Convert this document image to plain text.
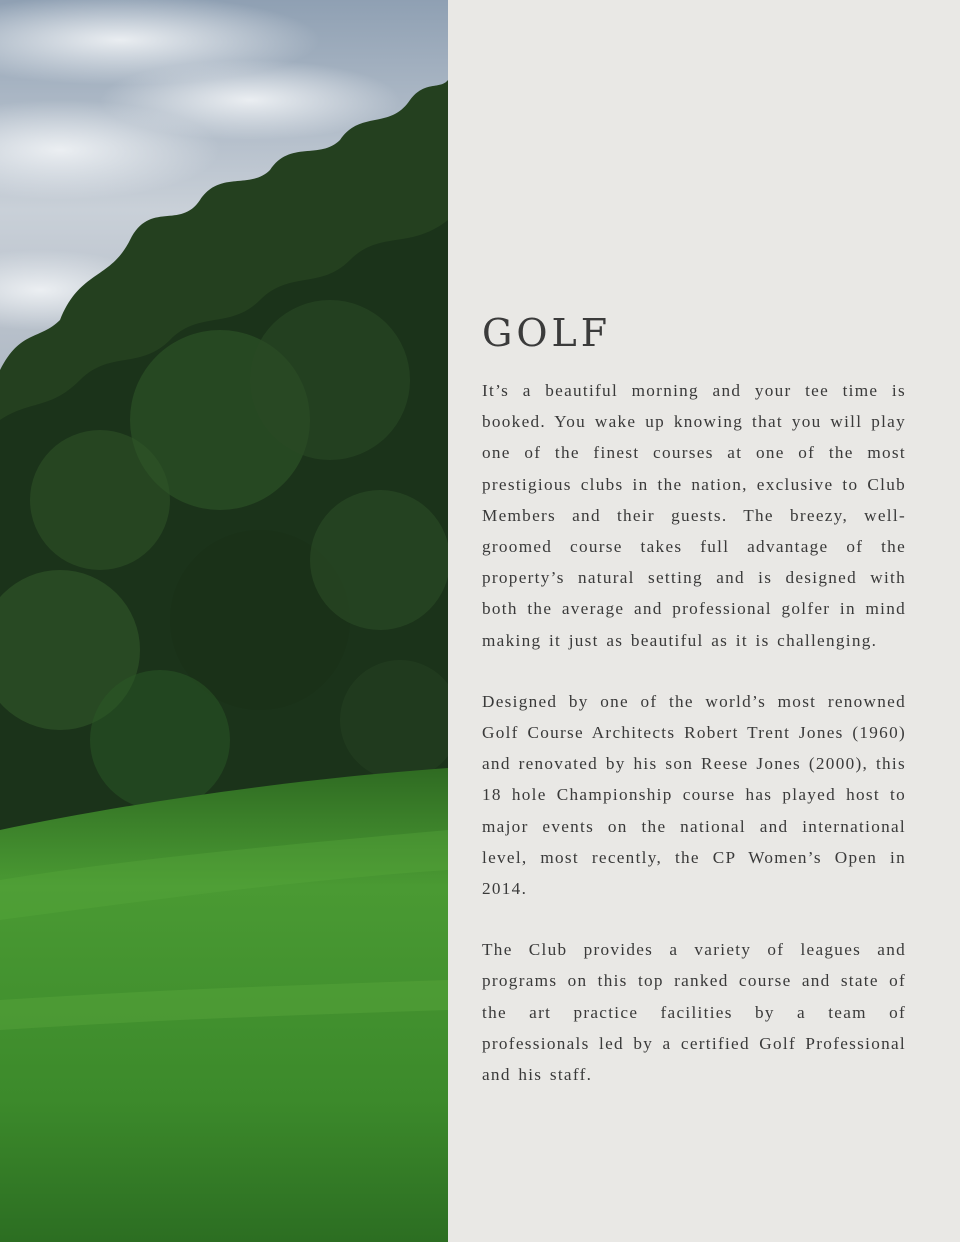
GOLF

It’s a beautiful morning and your tee time is booked. You wake up knowing that you will play one of the finest courses at one of the most prestigious clubs in the nation, exclusive to Club Members and their guests. The breezy, well-groomed course takes full advantage of the property’s natural setting and is designed with both the average and professional golfer in mind making it just as beautiful as it is challenging.

Designed by one of the world’s most renowned Golf Course Architects Robert Trent Jones (1960) and renovated by his son Reese Jones (2000), this 18 hole Championship course has played host to major events on the national and international level, most recently, the CP Women’s Open in 2014.

The Club provides a variety of leagues and programs on this top ranked course and state of the art practice facilities by a team of professionals led by a certified Golf Professional and his staff.
